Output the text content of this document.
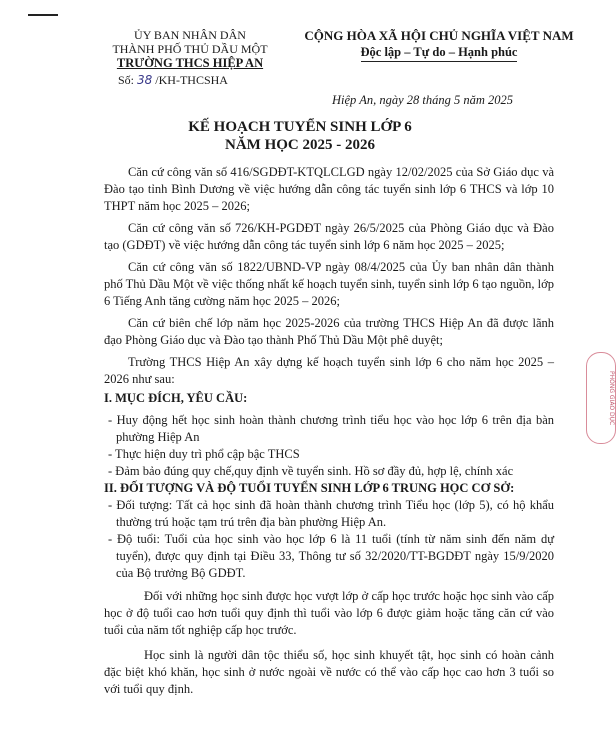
ỦY BAN NHÂN DÂN
THÀNH PHỐ THỦ DẦU MỘT
TRƯỜNG THCS HIỆP AN
Số: 38 /KH-THCSHA
CỘNG HÒA XÃ HỘI CHỦ NGHĨA VIỆT NAM
Độc lập – Tự do – Hạnh phúc
Hiệp An, ngày 28 tháng 5 năm 2025
KẾ HOẠCH TUYỂN SINH LỚP 6
NĂM HỌC 2025 - 2026

Căn cứ công văn số 416/SGDĐT-KTQLCLGD ngày 12/02/2025 của Sở Giáo dục và Đào tạo tỉnh Bình Dương về việc hướng dẫn công tác tuyển sinh lớp 6 THCS và lớp 10 THPT năm học 2025 – 2026;

Căn cứ công văn số 726/KH-PGDĐT ngày 26/5/2025 của Phòng Giáo dục và Đào tạo (GDĐT) về việc hướng dẫn công tác tuyển sinh lớp 6 năm học 2025 – 2025;

Căn cứ công văn số 1822/UBND-VP ngày 08/4/2025 của Ủy ban nhân dân thành phố Thủ Dầu Một về việc thống nhất kế hoạch tuyển sinh, tuyển sinh lớp 6 tạo nguồn, lớp 6 Tiếng Anh tăng cường năm học 2025 – 2026;

Căn cứ biên chế lớp năm học 2025-2026 của trường THCS Hiệp An đã được lãnh đạo Phòng Giáo dục và Đào tạo thành Phố Thủ Dầu Một phê duyệt;

Trường THCS Hiệp An xây dựng kế hoạch tuyển sinh lớp 6 cho năm học 2025 – 2026 như sau:

I. MỤC ĐÍCH, YÊU CẦU:

- Huy động hết học sinh hoàn thành chương trình tiểu học vào học lớp 6 trên địa bàn phường Hiệp An

- Thực hiện duy trì phổ cập bậc THCS

- Đảm bảo đúng quy chế,quy định về tuyển sinh. Hồ sơ đầy đủ, hợp lệ, chính xác

II. ĐỐI TƯỢNG VÀ ĐỘ TUỔI TUYỂN SINH LỚP 6 TRUNG HỌC CƠ SỞ:

- Đối tượng: Tất cả học sinh đã hoàn thành chương trình Tiểu học (lớp 5), có hộ khẩu thường trú hoặc tạm trú trên địa bàn phường Hiệp An.

- Độ tuổi: Tuổi của học sinh vào học lớp 6 là 11 tuổi (tính từ năm sinh đến năm dự tuyển), được quy định tại Điều 33, Thông tư số 32/2020/TT-BGDĐT ngày 15/9/2020 của Bộ trưởng Bộ GDĐT.

Đối với những học sinh được học vượt lớp ở cấp học trước hoặc học sinh vào cấp học ở độ tuổi cao hơn tuổi quy định thì tuổi vào lớp 6 được giảm hoặc tăng căn cứ vào tuổi của năm tốt nghiệp cấp học trước.

Học sinh là người dân tộc thiểu số, học sinh khuyết tật, học sinh có hoàn cảnh đặc biệt khó khăn, học sinh ở nước ngoài về nước có thể vào cấp học cao hơn 3 tuổi so với tuổi quy định.

PHÒNG GIÁO DỤC
